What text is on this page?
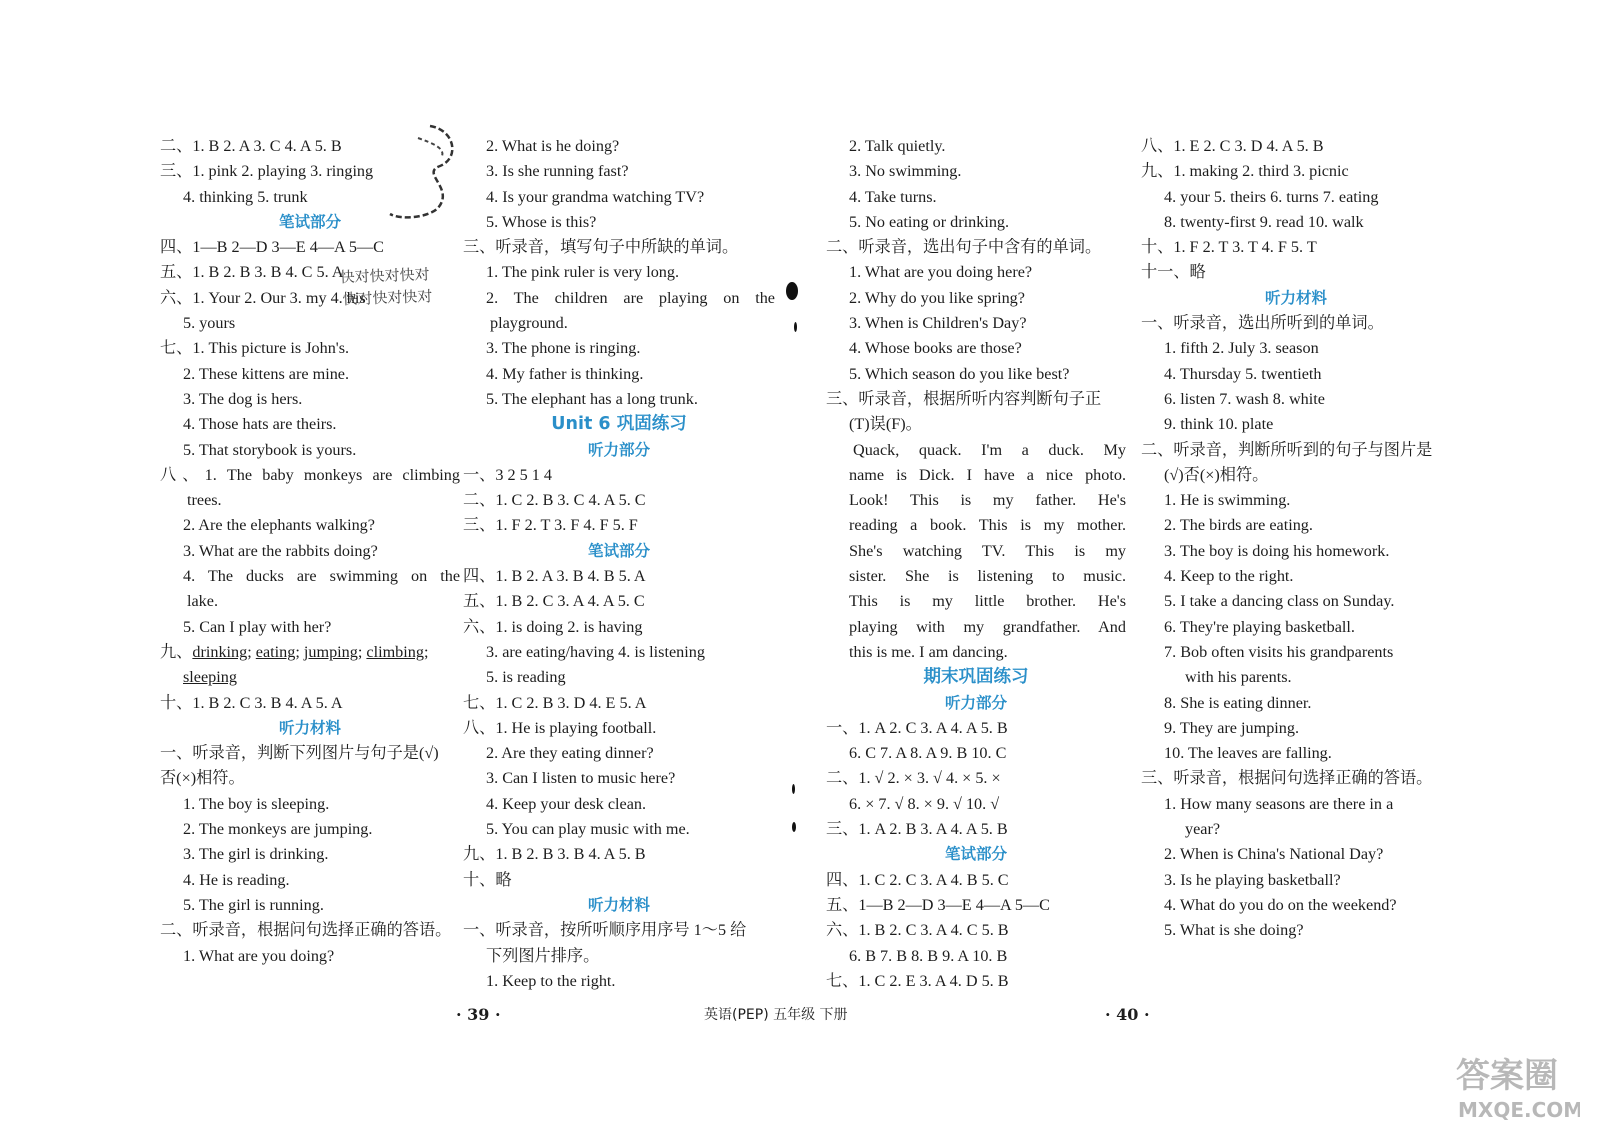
二、1. B 2. A 3. C 4. A 5. B
三、1. pink 2. playing 3. ringing
4. thinking 5. trunk
笔试部分
四、1—B 2—D 3—E 4—A 5—C
五、1. B 2. B 3. B 4. C 5. A
六、1. Your 2. Our 3. my 4. his
5. yours
七、1. This picture is John's.
2. These kittens are mine.
3. The dog is hers.
4. Those hats are theirs.
5. That storybook is yours.
八、1. The baby monkeys are climbing
trees.
2. Are the elephants walking?
3. What are the rabbits doing?
4. The ducks are swimming on the
lake.
5. Can I play with her?
九、drinking; eating; jumping; climbing;
sleeping
十、1. B 2. C 3. B 4. A 5. A
听力材料
一、听录音，判断下列图片与句子是(√)
否(×)相符。
1. The boy is sleeping.
2. The monkeys are jumping.
3. The girl is drinking.
4. He is reading.
5. The girl is running.
二、听录音，根据问句选择正确的答语。
1. What are you doing?
2. What is he doing?
3. Is she running fast?
4. Is your grandma watching TV?
5. Whose is this?
三、听录音，填写句子中所缺的单词。
1. The pink ruler is very long.
2. The children are playing on the
playground.
3. The phone is ringing.
4. My father is thinking.
5. The elephant has a long trunk.
Unit 6 巩固练习
听力部分
一、3 2 5 1 4
二、1. C 2. B 3. C 4. A 5. C
三、1. F 2. T 3. F 4. F 5. F
笔试部分
四、1. B 2. A 3. B 4. B 5. A
五、1. B 2. C 3. A 4. A 5. C
六、1. is doing 2. is having
3. are eating/having 4. is listening
5. is reading
七、1. C 2. B 3. D 4. E 5. A
八、1. He is playing football.
2. Are they eating dinner?
3. Can I listen to music here?
4. Keep your desk clean.
5. You can play music with me.
九、1. B 2. B 3. B 4. A 5. B
十、略
听力材料
一、听录音，按所听顺序用序号 1～5 给
下列图片排序。
1. Keep to the right.
2. Talk quietly.
3. No swimming.
4. Take turns.
5. No eating or drinking.
二、听录音，选出句子中含有的单词。
1. What are you doing here?
2. Why do you like spring?
3. When is Children's Day?
4. Whose books are those?
5. Which season do you like best?
三、听录音，根据所听内容判断句子正
(T)误(F)。
Quack, quack. I'm a duck. My
name is Dick. I have a nice photo.
Look! This is my father. He's
reading a book. This is my mother.
She's watching TV. This is my
sister. She is listening to music.
This is my little brother. He's
playing with my grandfather. And
this is me. I am dancing.
期末巩固练习
听力部分
一、1. A 2. C 3. A 4. A 5. B
6. C 7. A 8. A 9. B 10. C
二、1. √ 2. × 3. √ 4. × 5. ×
6. × 7. √ 8. × 9. √ 10. √
三、1. A 2. B 3. A 4. A 5. B
笔试部分
四、1. C 2. C 3. A 4. B 5. C
五、1—B 2—D 3—E 4—A 5—C
六、1. B 2. C 3. A 4. C 5. B
6. B 7. B 8. B 9. A 10. B
七、1. C 2. E 3. A 4. D 5. B
八、1. E 2. C 3. D 4. A 5. B
九、1. making 2. third 3. picnic
4. your 5. theirs 6. turns 7. eating
8. twenty-first 9. read 10. walk
十、1. F 2. T 3. T 4. F 5. T
十一、略
听力材料
一、听录音，选出所听到的单词。
1. fifth 2. July 3. season
4. Thursday 5. twentieth
6. listen 7. wash 8. white
9. think 10. plate
二、听录音，判断所听到的句子与图片是
(√)否(×)相符。
1. He is swimming.
2. The birds are eating.
3. The boy is doing his homework.
4. Keep to the right.
5. I take a dancing class on Sunday.
6. They're playing basketball.
7. Bob often visits his grandparents
with his parents.
8. She is eating dinner.
9. They are jumping.
10. The leaves are falling.
三、听录音，根据问句选择正确的答语。
1. How many seasons are there in a
year?
2. When is China's National Day?
3. Is he playing basketball?
4. What do you do on the weekend?
5. What is she doing?
快对快对快对
快对快对快对
· 39 ·	英语(PEP) 五年级 下册	· 40 ·
答案圈
MXQE.COM
